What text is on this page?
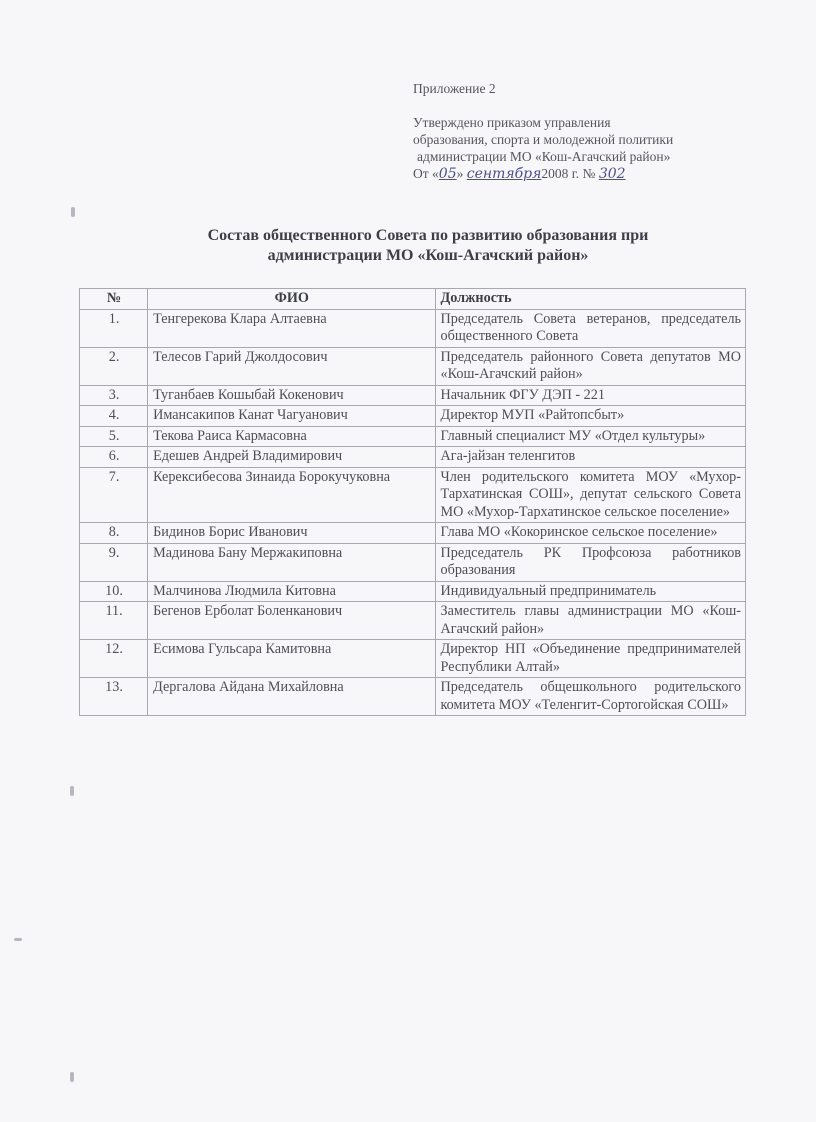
Приложение 2
Утверждено приказом управления
образования, спорта и молодежной политики
администрации МО «Кош-Агачский район»
От «05» сентября2008 г. № 302
Состав общественного Совета по развитию образования при
администрации МО «Кош-Агачский район»
№	ФИО	Должность
1.	Тенгерекова Клара Алтаевна	Председатель Совета ветеранов, председатель общественного Совета
2.	Телесов Гарий Джолдосович	Председатель районного Совета депутатов МО «Кош-Агачский район»
3.	Туганбаев Кошыбай Кокенович	Начальник ФГУ ДЭП - 221
4.	Имансакипов Канат Чагуанович	Директор МУП «Райтопсбыт»
5.	Текова Раиса Кармасовна	Главный специалист МУ «Отдел культуры»
6.	Едешев Андрей Владимирович	Ага-jайзан теленгитов
7.	Керексибесова Зинаида Борокучуковна	Член родительского комитета МОУ «Мухор-Тархатинская СОШ», депутат сельского Совета МО «Мухор-Тархатинское сельское поселение»
8.	Бидинов Борис Иванович	Глава МО «Кокоринское сельское поселение»
9.	Мадинова Бану Мержакиповна	Председатель РК Профсоюза работников образования
10.	Малчинова Людмила Китовна	Индивидуальный предприниматель
11.	Бегенов Ерболат Боленканович	Заместитель главы администрации МО «Кош-Агачский район»
12.	Есимова Гульсара Камитовна	Директор НП «Объединение предпринимателей Республики Алтай»
13.	Дергалова Айдана Михайловна	Председатель общешкольного родительского комитета МОУ «Теленгит-Сортогойская СОШ»
